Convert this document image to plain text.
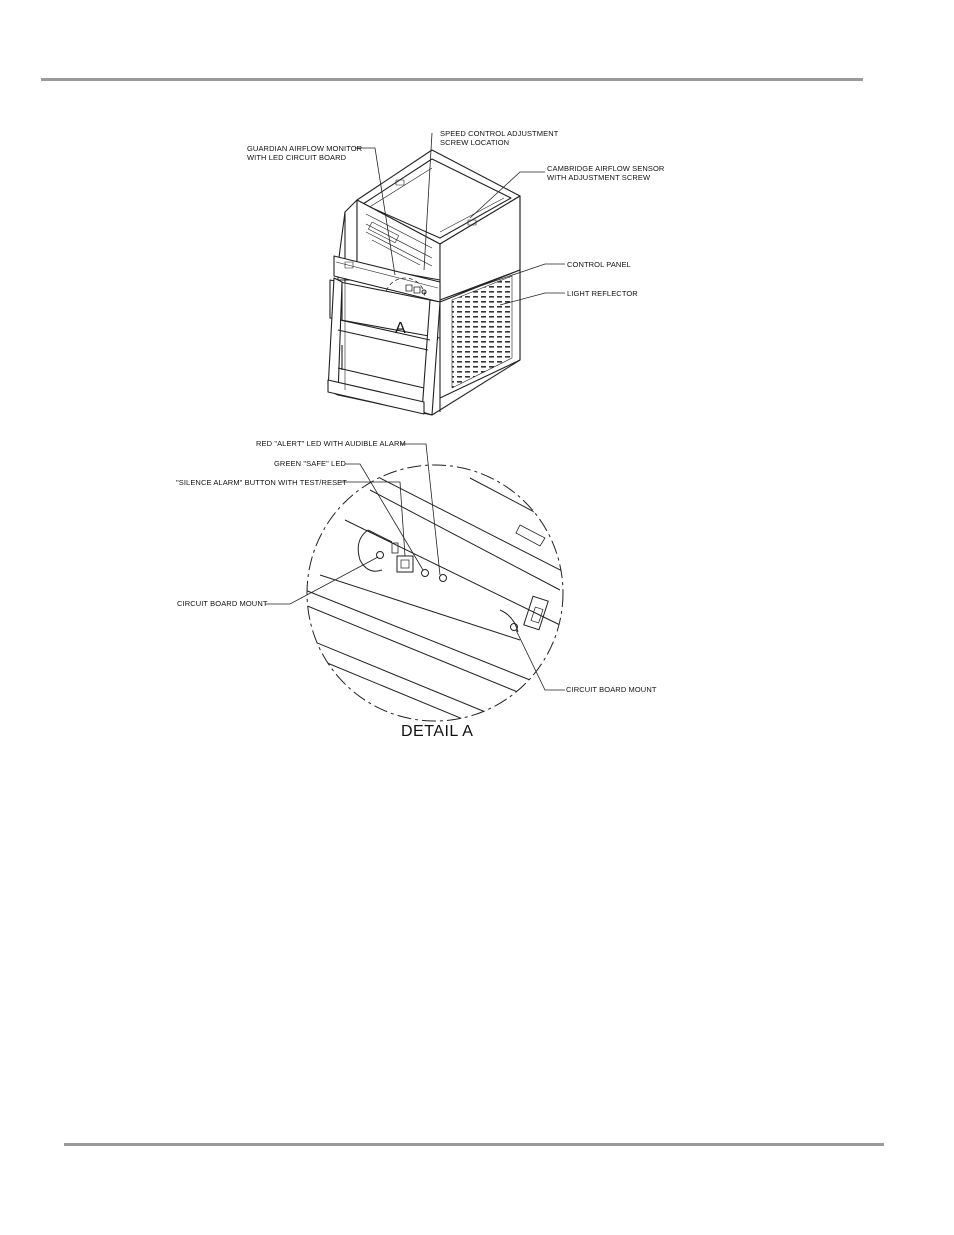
GUARDIAN AIRFLOW MONITOR
WITH LED CIRCUIT BOARD
SPEED CONTROL ADJUSTMENT
SCREW LOCATION
CAMBRIDGE AIRFLOW SENSOR
WITH ADJUSTMENT SCREW
CONTROL PANEL
LIGHT REFLECTOR
A
RED "ALERT" LED WITH AUDIBLE ALARM
GREEN "SAFE" LED
"SILENCE ALARM" BUTTON WITH TEST/RESET
CIRCUIT BOARD MOUNT
CIRCUIT BOARD MOUNT
DETAIL A
